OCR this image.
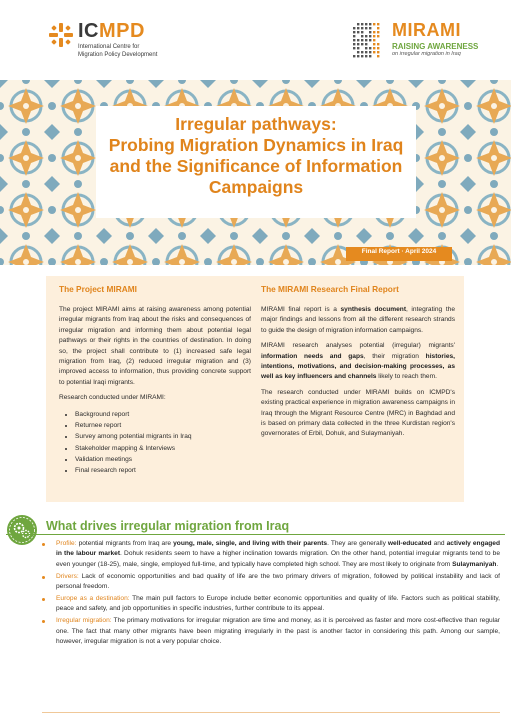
ICMPD
International Centre for
Migration Policy Development
MIRAMI
RAISING AWARENESS
on irregular migration in Iraq
Irregular pathways:
Probing Migration Dynamics in Iraq
and the Significance of Information
Campaigns
Final Report · April 2024
The Project MIRAMI

The project MIRAMI aims at raising awareness among potential irregular migrants from Iraq about the risks and consequences of irregular migration and informing them about potential legal pathways or their rights in the countries of destination. In doing so, the project shall contribute to (1) increased safe legal migration from Iraq, (2) reduced irregular migration and (3) improved access to information, thus providing concrete support to potential Iraqi migrants.

Research conducted under MIRAMI:

• Background report
• Returnee report
• Survey among potential migrants in Iraq
• Stakeholder mapping & Interviews
• Validation meetings
• Final research report
The MIRAMI Research Final Report

MIRAMI final report is a synthesis document, integrating the major findings and lessons from all the different research strands to guide the design of migration information campaigns.

MIRAMI research analyses potential (irregular) migrants' information needs and gaps, their migration histories, intentions, motivations, and decision-making processes, as well as key influencers and channels likely to reach them.

The research conducted under MIRAMI builds on ICMPD's existing practical experience in migration awareness campaigns in Iraq through the Migrant Resource Centre (MRC) in Baghdad and is based on primary data collected in the three Kurdistan region's governorates of Erbil, Dohuk, and Sulaymaniyah.

What drives irregular migration from Iraq
Profile: potential migrants from Iraq are young, male, single, and living with their parents. They are generally well-educated and actively engaged in the labour market. Dohuk residents seem to have a higher inclination towards migration. On the other hand, potential irregular migrants tend to be even younger (18-25), male, single, employed full-time, and typically have completed high school. They are most likely to originate from Sulaymaniyah.
Drivers: Lack of economic opportunities and bad quality of life are the two primary drivers of migration, followed by political instability and lack of personal freedom.
Europe as a destination: The main pull factors to Europe include better economic opportunities and quality of life. Factors such as political stability, peace and safety, and job opportunities in specific industries, further contribute to its appeal.
Irregular migration: The primary motivations for irregular migration are time and money, as it is perceived as faster and more cost-effective than regular one. The fact that many other migrants have been migrating irregularly in the past is another factor in considering this path. Among our sample, however, irregular migration is not a very popular choice.
